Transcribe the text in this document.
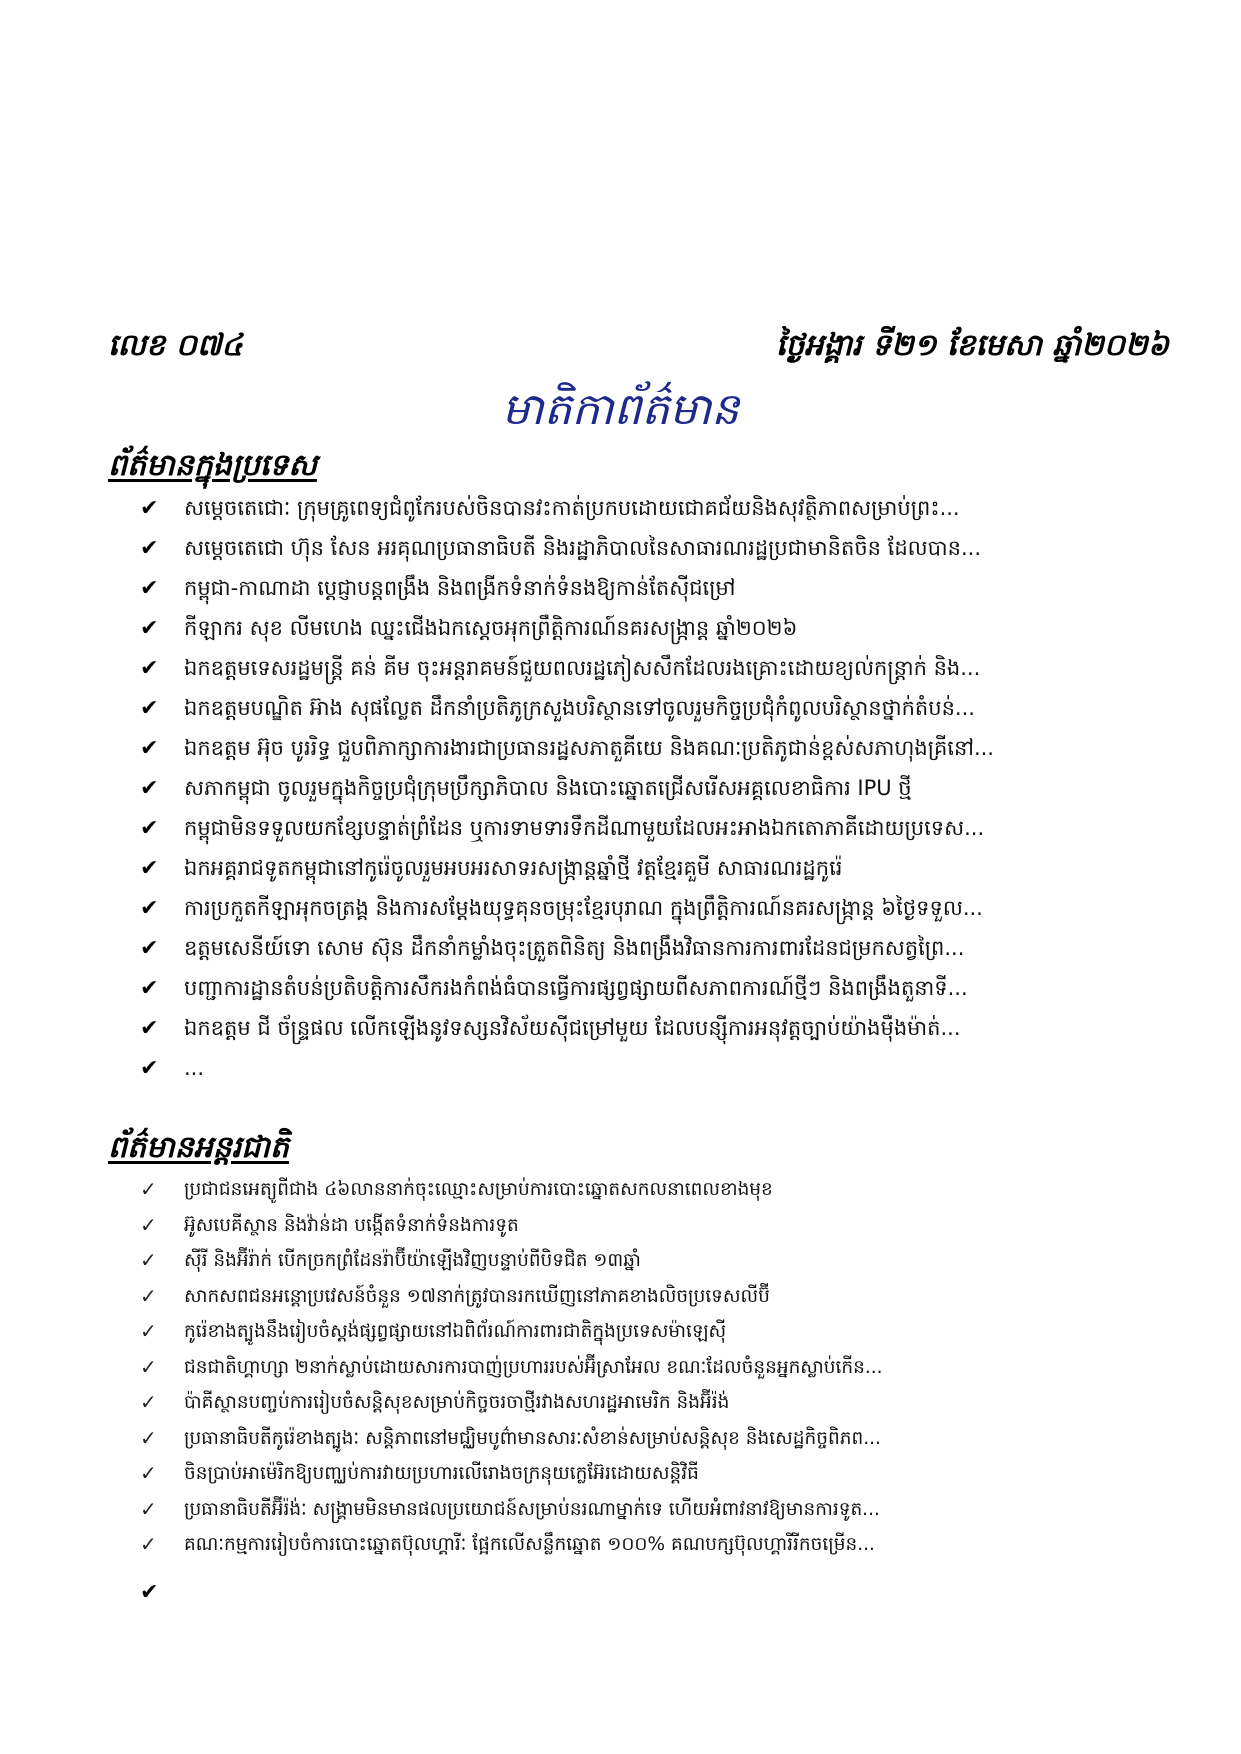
លេខ ០៧៤	ថ្ងៃអង្គារ ទី២១ ខែមេសា ឆ្នាំ២០២៦
មាតិកាព័ត៌មាន
ព័ត៌មានក្នុងប្រទេស
✔ សម្តេចតេជោៈ ក្រុមគ្រូពេទ្យជំពូកែរបស់ចិនបានវះកាត់ប្រកបដោយជោគជ័យនិងសុវត្ថិភាពសម្រាប់ព្រះ...
✔ សម្តេចតេជោ ហ៊ុន សែន អរគុណប្រធានាធិបតី និងរដ្ឋាភិបាលនៃសាធារណរដ្ឋប្រជាមានិតចិន ដែលបាន...
✔ កម្ពុជា-កាណាដា ប្តេជ្ញាបន្តពង្រឹង និងពង្រីកទំនាក់ទំនងឱ្យកាន់តែស៊ីជម្រៅ
✔ កីឡាករ សុខ លីមហេង ឈ្នះជើងឯកស្តេចអុកព្រឹត្តិការណ៍នគរសង្ក្រាន្ត ឆ្នាំ២០២៦
✔ ឯកឧត្តមទេសរដ្ឋមន្ត្រី គន់ គីម ចុះអន្តរាគមន៍ជួយពលរដ្ឋភៀសសឹកដែលរងគ្រោះដោយខ្យល់កន្ត្រាក់ និង...
✔ ឯកឧត្តមបណ្ឌិត អ៊ាង សុផល្លែត ដឹកនាំប្រតិភូក្រសួងបរិស្ថានទៅចូលរួមកិច្ចប្រជុំកំពូលបរិស្ថានថ្នាក់តំបន់...
✔ ឯកឧត្តម អ៊ុច បូររិទ្ធ ជួបពិភាក្សាការងារជាប្រធានរដ្ឋសភាតួគីយេ និងគណៈប្រតិភូជាន់ខ្ពស់សភាហុងគ្រីនៅ...
✔ សភាកម្ពុជា ចូលរួមក្នុងកិច្ចប្រជុំក្រុមប្រឹក្សាភិបាល និងបោះឆ្នោតជ្រើសរើសអគ្គលេខាធិការ IPU ថ្មី
✔ កម្ពុជាមិនទទួលយកខ្សែបន្ទាត់ព្រំដែន ឬការទាមទារទឹកដីណាមួយដែលអះអាងឯកតោភាគីដោយប្រទេស...
✔ ឯកអគ្គរាជទូតកម្ពុជានៅកូរ៉េចូលរួមអបអរសាទរសង្ក្រាន្តឆ្នាំថ្មី វត្តខ្មែរគួមី សាធារណរដ្ឋកូរ៉េ
✔ ការប្រកួតកីឡាអុកចត្រង្គ និងការសម្តែងយុទ្ធគុនចម្រុះខ្មែរបុរាណ ក្នុងព្រឹត្តិការណ៍នគរសង្ក្រាន្ត ៦ថ្ងៃទទួល...
✔ ឧត្តមសេនីយ៍ទោ សោម ស៊ុន ដឹកនាំកម្លាំងចុះត្រួតពិនិត្យ និងពង្រឹងវិធានការការពារដែនជម្រកសត្វព្រៃ...
✔ បញ្ជាការដ្ឋានតំបន់ប្រតិបត្តិការសឹករងកំពង់ធំបានធ្វើការផ្សព្វផ្សាយពីសភាពការណ៍ថ្មីៗ និងពង្រឹងតួនាទី...
✔ ឯកឧត្តម ជី ច័ន្ទ្រផល លើកឡើងនូវទស្សនវិស័យស៊ីជម្រៅមួយ ដែលបន្ស៊ីការអនុវត្តច្បាប់យ៉ាងម៉ឺងម៉ាត់...
✔ ...
ព័ត៌មានអន្តរជាតិ
✓ ប្រជាជនអេត្យូពីជាង ៤៦លាននាក់ចុះឈ្មោះសម្រាប់ការបោះឆ្នោតសកលនាពេលខាងមុខ
✓ អ៊ូសបេគីស្ថាន និងវ៉ាន់ដា បង្កើតទំនាក់ទំនងការទូត
✓ ស៊ីរី និងអ៊ីរ៉ាក់ បើកច្រកព្រំដែនរ៉ាប៊ីយ៉ាឡើងវិញបន្ទាប់ពីបិទជិត ១៣ឆ្នាំ
✓ សាកសពជនអន្តោប្រវេសន៍ចំនួន ១៧នាក់ត្រូវបានរកឃើញនៅភាគខាងលិចប្រទេសលីប៊ី
✓ កូរ៉េខាងត្បូងនឹងរៀបចំស្តង់ផ្សព្វផ្សាយនៅឯពិព័រណ៍ការពារជាតិក្នុងប្រទេសម៉ាឡេស៊ី
✓ ជនជាតិហ្គាហ្សា ២នាក់ស្លាប់ដោយសារការបាញ់ប្រហាររបស់អ៊ីស្រាអែល ខណៈដែលចំនួនអ្នកស្លាប់កើន...
✓ ប៉ាគីស្ថានបញ្ចប់ការរៀបចំសន្តិសុខសម្រាប់កិច្ចចរចាថ្មីរវាងសហរដ្ឋអាមេរិក និងអ៊ីរ៉ង់
✓ ប្រធានាធិបតីកូរ៉េខាងត្បូងៈ សន្តិភាពនៅមជ្ឈិមបូព៌ាមានសារៈសំខាន់សម្រាប់សន្តិសុខ និងសេដ្ឋកិច្ចពិភព...
✓ ចិនប្រាប់អាម៉េរិកឱ្យបញ្ឈប់ការវាយប្រហារលើរោងចក្រនុយក្លេអ៊ែរដោយសន្តិវិធី
✓ ប្រធានាធិបតីអ៊ីរ៉ង់ៈ សង្គ្រាមមិនមានផលប្រយោជន៍សម្រាប់នរណាម្នាក់ទេ ហើយអំពាវនាវឱ្យមានការទូត...
✓ គណៈកម្មការរៀបចំការបោះឆ្នោតប៊ុលហ្គារីៈ ផ្អែកលើសន្លឹកឆ្នោត ១០០% គណបក្សប៊ុលហ្គារីរីកចម្រើន...
✔
